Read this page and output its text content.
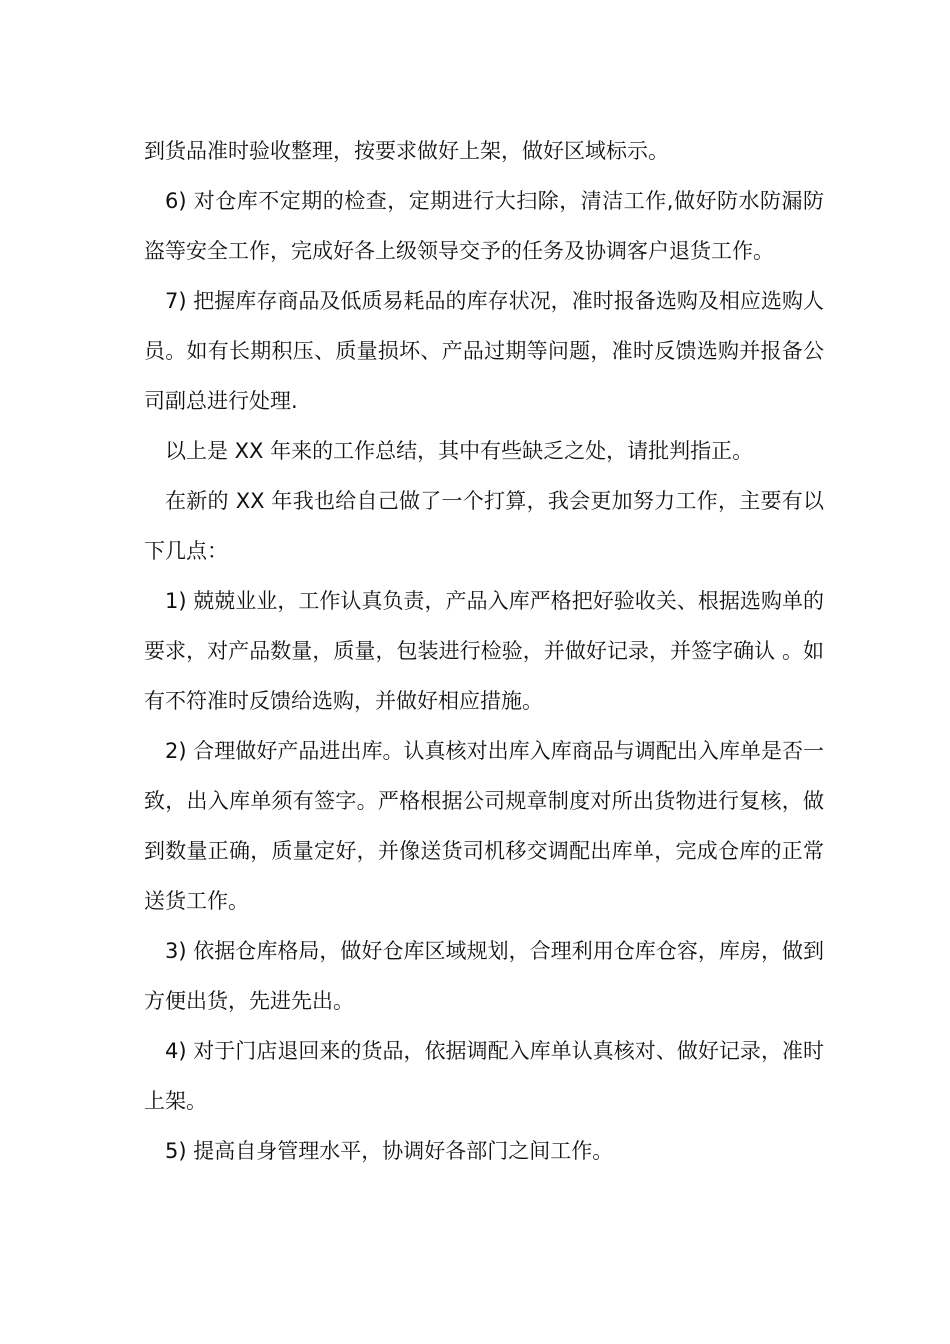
到货品准时验收整理，按要求做好上架，做好区域标示。

6) 对仓库不定期的检查，定期进行大扫除，清洁工作,做好防水防漏防盗等安全工作，完成好各上级领导交予的任务及协调客户退货工作。

7) 把握库存商品及低质易耗品的库存状况，准时报备选购及相应选购人员。如有长期积压、质量损坏、产品过期等问题，准时反馈选购并报备公司副总进行处理.

以上是 XX 年来的工作总结，其中有些缺乏之处，请批判指正。

在新的 XX 年我也给自己做了一个打算，我会更加努力工作，主要有以下几点：

1) 兢兢业业，工作认真负责，产品入库严格把好验收关、根据选购单的要求，对产品数量，质量，包装进行检验，并做好记录，并签字确认 。如有不符准时反馈给选购，并做好相应措施。

2) 合理做好产品进出库。认真核对出库入库商品与调配出入库单是否一致，出入库单须有签字。严格根据公司规章制度对所出货物进行复核，做到数量正确，质量定好，并像送货司机移交调配出库单，完成仓库的正常送货工作。

3) 依据仓库格局，做好仓库区域规划，合理利用仓库仓容，库房，做到方便出货，先进先出。

4) 对于门店退回来的货品，依据调配入库单认真核对、做好记录，准时上架。

5) 提高自身管理水平，协调好各部门之间工作。
